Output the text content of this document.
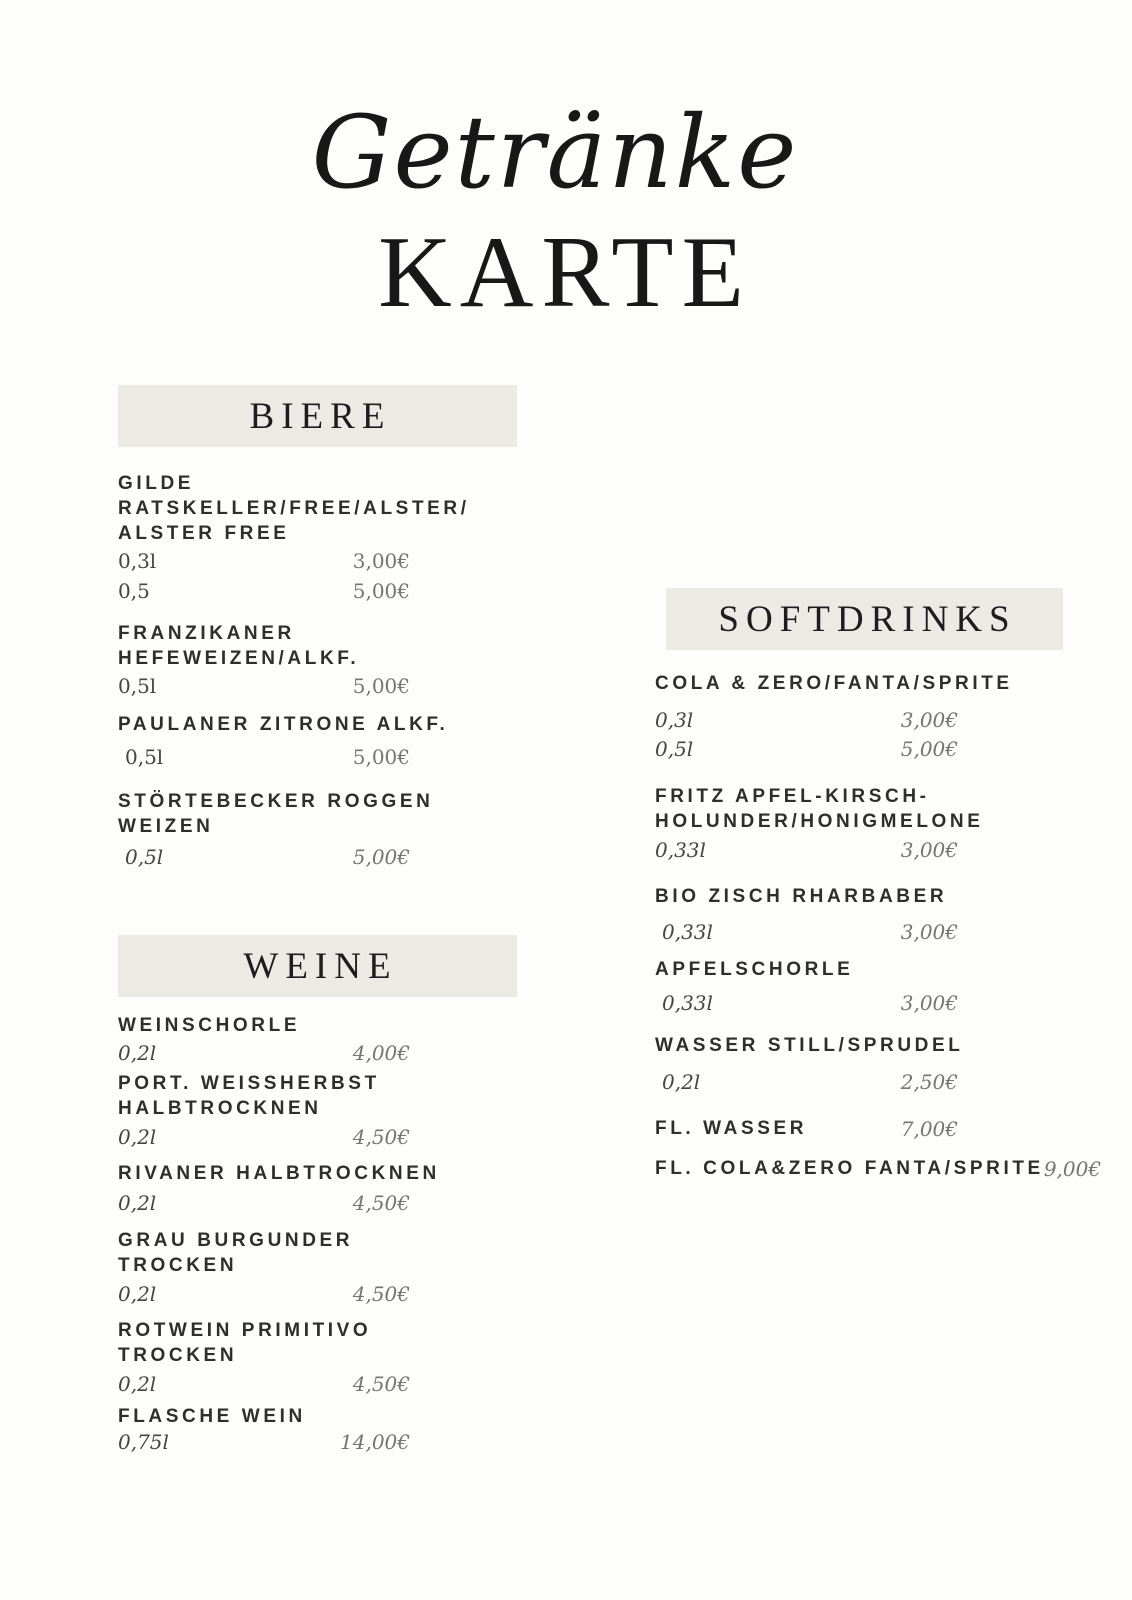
Getränke
KARTE
BIERE
GILDE
RATSKELLER/FREE/ALSTER/
ALSTER FREE
0,3l	3,00€
0,5	5,00€
FRANZIKANER
HEFEWEIZEN/ALKF.
0,5l	5,00€
PAULANER ZITRONE ALKF.
0,5l	5,00€
STÖRTEBECKER ROGGEN
WEIZEN
0,5l	5,00€
WEINE
WEINSCHORLE
0,2l	4,00€
PORT. WEISSHERBST
HALBTROCKNEN
0,2l	4,50€
RIVANER HALBTROCKNEN
0,2l	4,50€
GRAU BURGUNDER
TROCKEN
0,2l	4,50€
ROTWEIN PRIMITIVO
TROCKEN
0,2l	4,50€
FLASCHE WEIN
0,75l	14,00€
SOFTDRINKS
COLA & ZERO/FANTA/SPRITE
0,3l	3,00€
0,5l	5,00€
FRITZ APFEL-KIRSCH-
HOLUNDER/HONIGMELONE
0,33l	3,00€
BIO ZISCH RHARBABER
0,33l	3,00€
APFELSCHORLE
0,33l	3,00€
WASSER STILL/SPRUDEL
0,2l	2,50€
FL. WASSER	7,00€
FL. COLA&ZERO FANTA/SPRITE 9,00€
